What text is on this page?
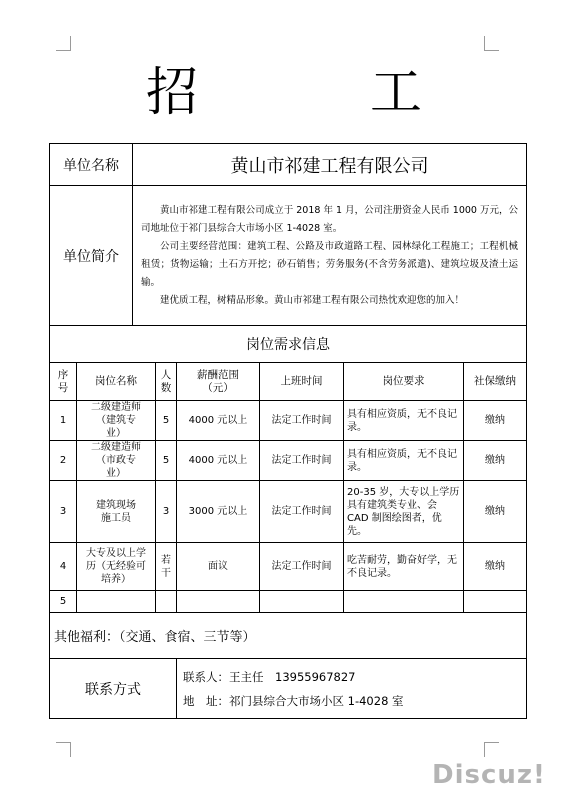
招　工
单位名称		黄山市祁建工程有限公司					
单位简介		黄山市祁建工程有限公司成立于 2018 年 1 月，公司注册资金人民币 1000 万元，公司地址位于祁门县综合大市场小区 1-4028 室。

公司主要经营范围：建筑工程、公路及市政道路工程、园林绿化工程施工；工程机械租赁；货物运输；土石方开挖；砂石销售；劳务服务(不含劳务派遣)、建筑垃圾及渣土运输。

建优质工程，树精品形象。黄山市祁建工程有限公司热忱欢迎您的加入！					

岗位需求信息							
序号	岗位名称		人数	薪酬范围（元）	上班时间	岗位要求	社保缴纳
1	二级建造师（建筑专业）		5	4000 元以上	法定工作时间	具有相应资质，无不良记录。	缴纳
2	二级建造师（市政专业）		5	4000 元以上	法定工作时间	具有相应资质，无不良记录。	缴纳
3	建筑现场施工员		3	3000 元以上	法定工作时间	20-35 岁，大专以上学历具有建筑类专业、会 CAD 制图绘图者，优先。	缴纳
4	大专及以上学历（无经验可培养）		若干	面议	法定工作时间	吃苦耐劳，勤奋好学，无不良记录。	缴纳
5							
其他福利：（交通、食宿、三节等）							
联系方式				联系人：王主任　13955967827
地　址：祁门县综合大市场小区 1-4028 室			
Discuz!
